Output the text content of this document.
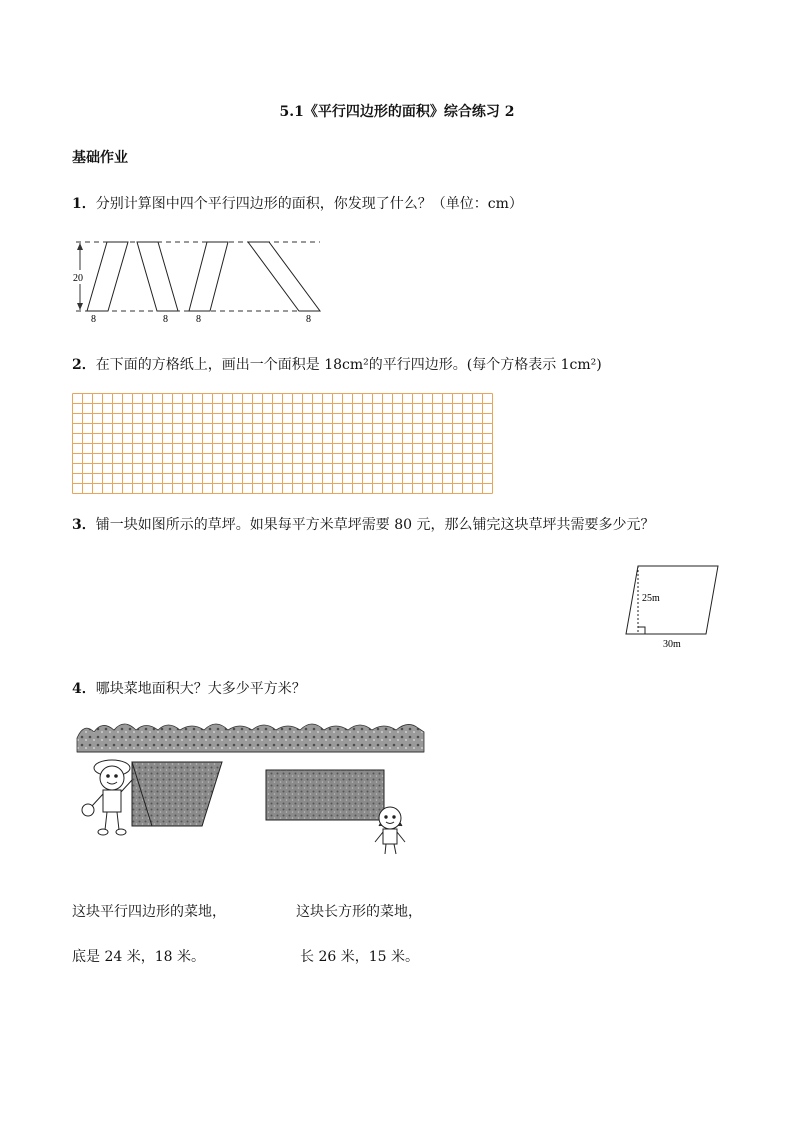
5.1《平行四边形的面积》综合练习 2
基础作业
1．分别计算图中四个平行四边形的面积，你发现了什么？（单位：cm）
20
8	8	8	8
2．在下面的方格纸上，画出一个面积是 18cm²的平行四边形。(每个方格表示 1cm²)
3．铺一块如图所示的草坪。如果每平方米草坪需要 80 元，那么铺完这块草坪共需要多少元？
25m
30m
4．哪块菜地面积大？大多少平方米？
这块平行四边形的菜地，	这块长方形的菜地，
底是 24 米，18 米。	长 26 米，15 米。
